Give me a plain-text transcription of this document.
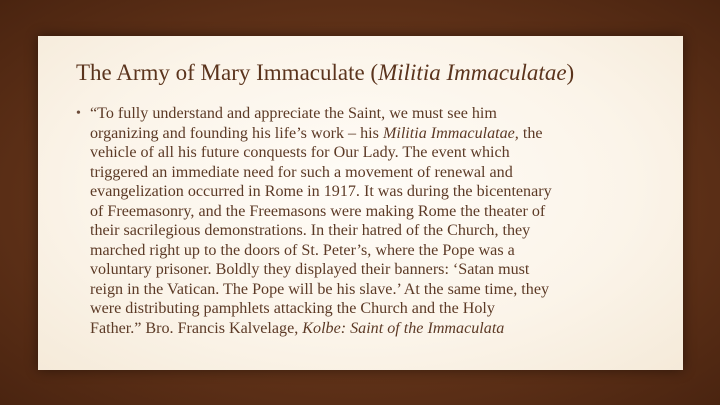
The Army of Mary Immaculate (Militia Immaculatae)
• “To fully understand and appreciate the Saint, we must see him
organizing and founding his life’s work – his Militia Immaculatae, the
vehicle of all his future conquests for Our Lady. The event which
triggered an immediate need for such a movement of renewal and
evangelization occurred in Rome in 1917. It was during the bicentenary
of Freemasonry, and the Freemasons were making Rome the theater of
their sacrilegious demonstrations. In their hatred of the Church, they
marched right up to the doors of St. Peter’s, where the Pope was a
voluntary prisoner. Boldly they displayed their banners: ‘Satan must
reign in the Vatican. The Pope will be his slave.’ At the same time, they
were distributing pamphlets attacking the Church and the Holy
Father.” Bro. Francis Kalvelage, Kolbe: Saint of the Immaculata
